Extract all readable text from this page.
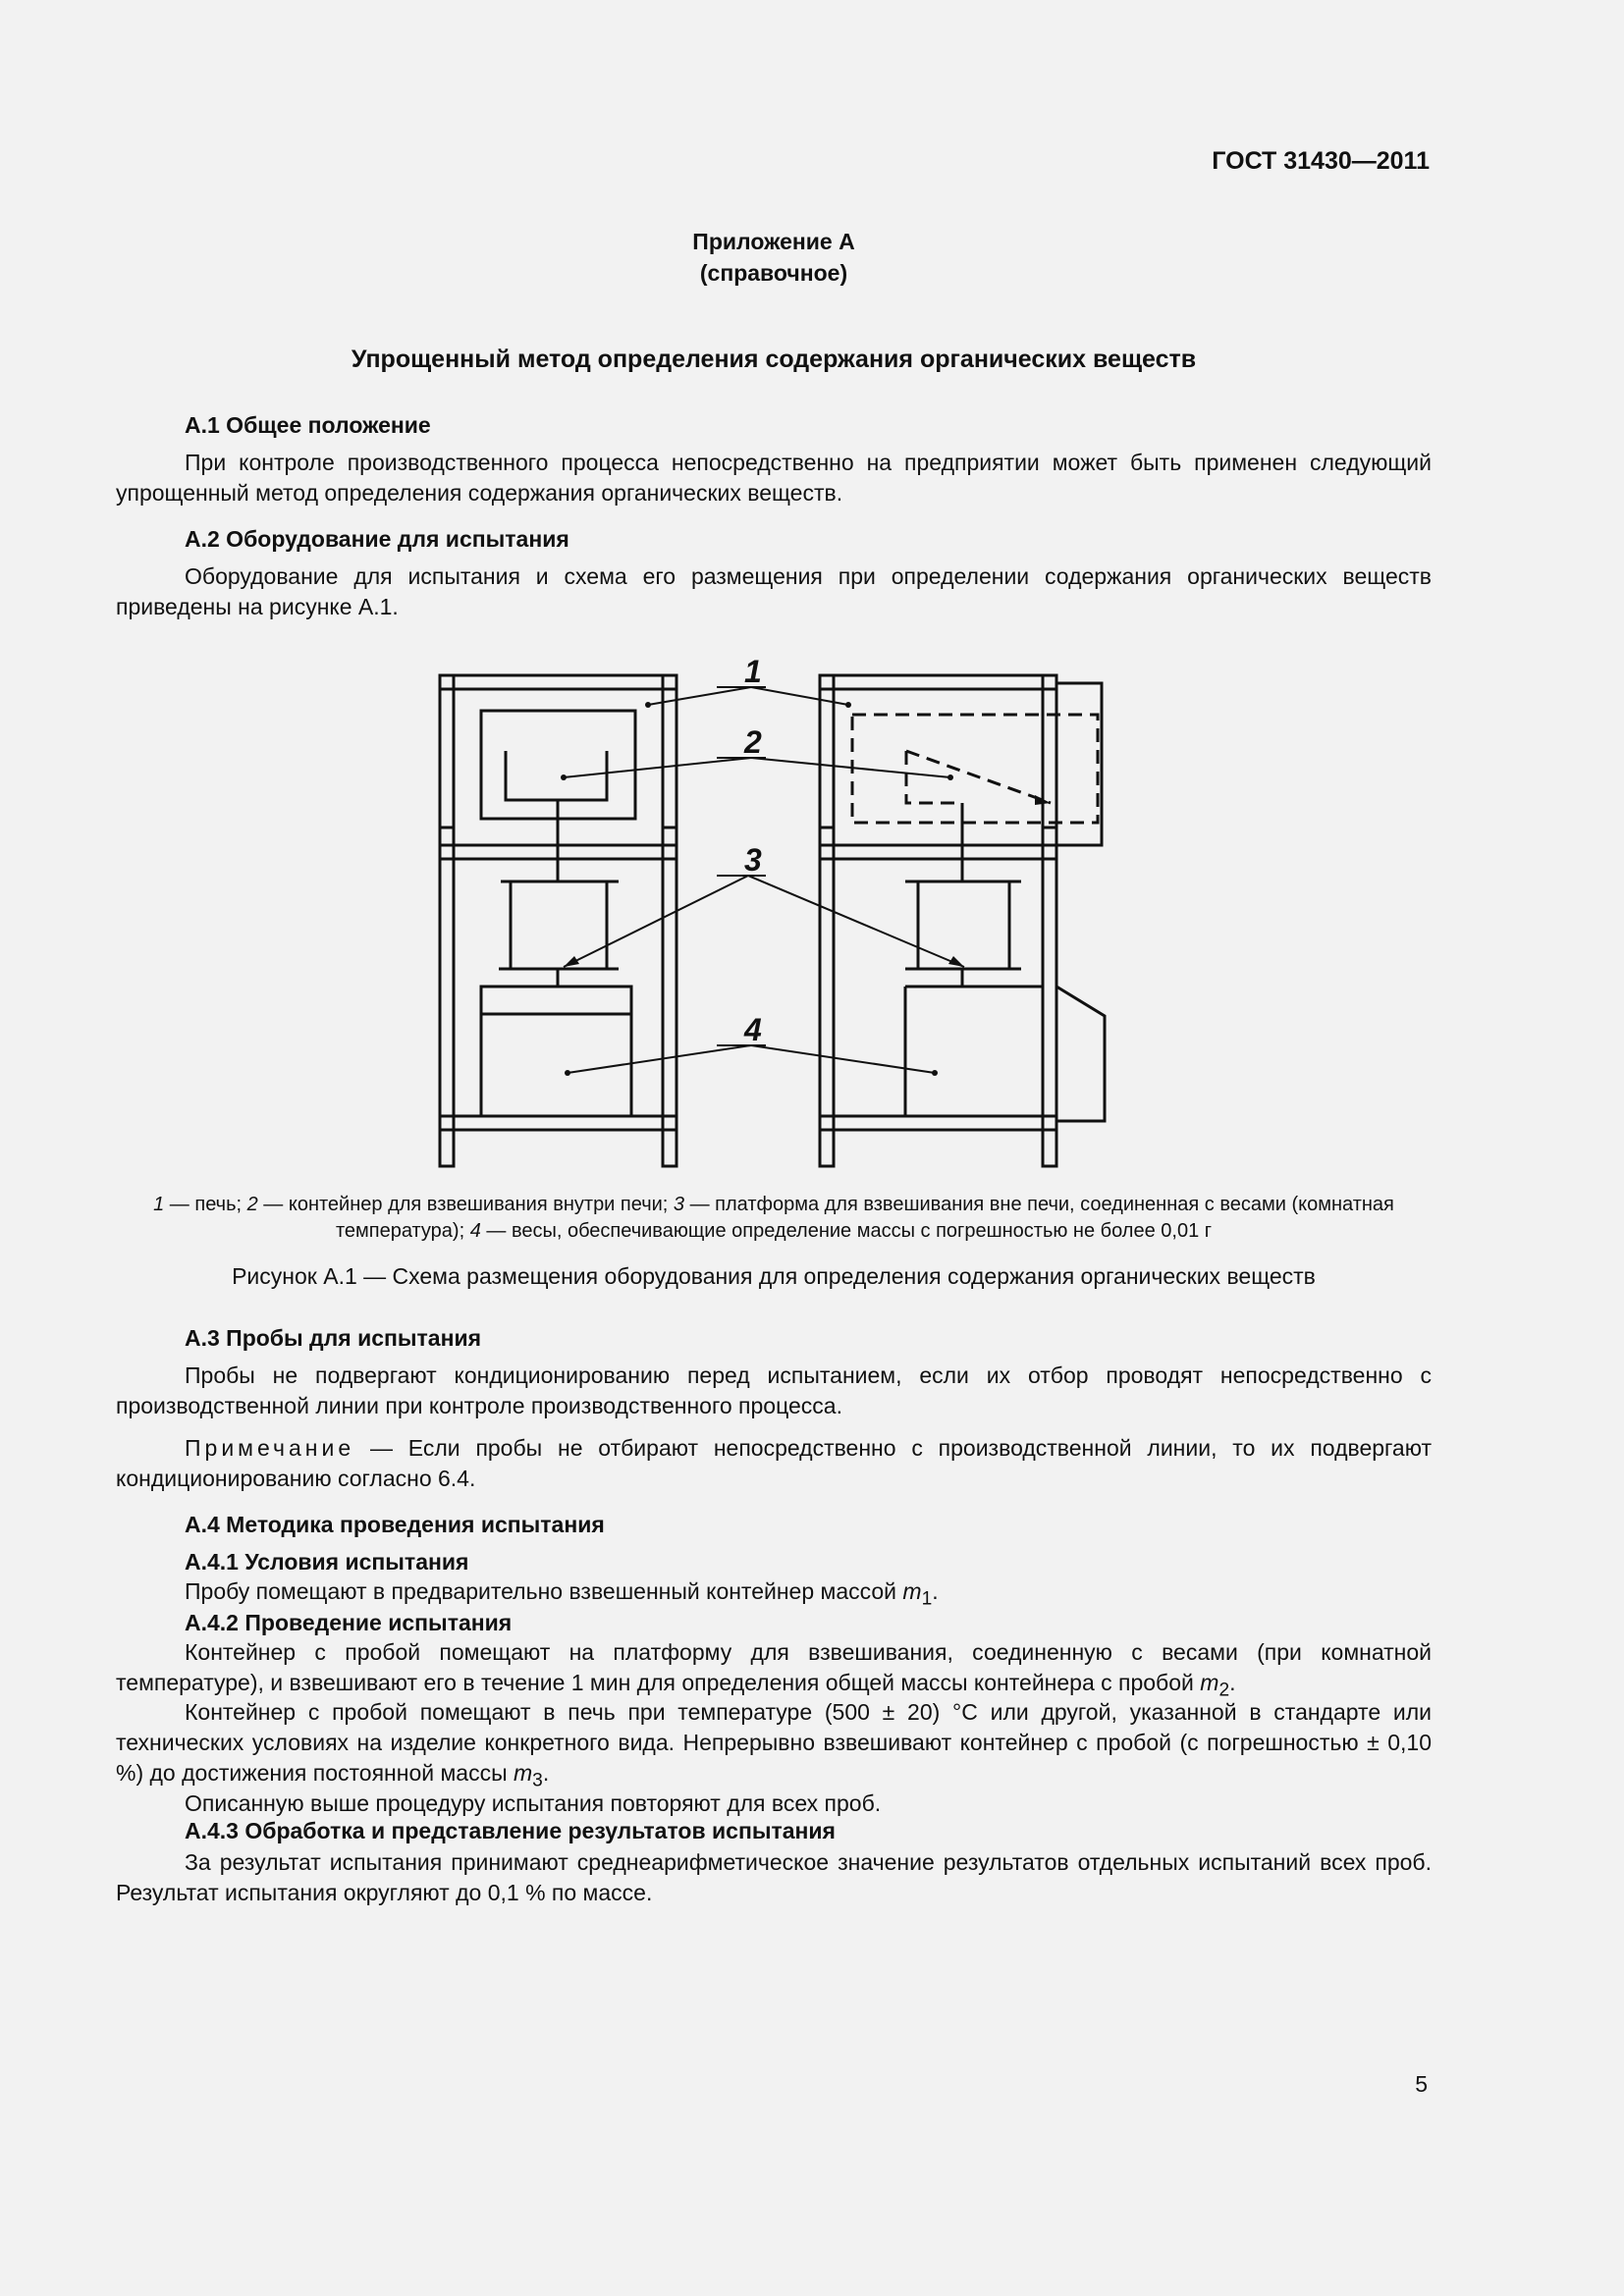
ГОСТ 31430—2011
Приложение А
(справочное)
Упрощенный метод определения содержания органических веществ
А.1 Общее положение
При контроле производственного процесса непосредственно на предприятии может быть применен следующий упрощенный метод определения содержания органических веществ.
А.2 Оборудование для испытания
Оборудование для испытания и схема его размещения при определении содержания органических веществ приведены на рисунке А.1.
1
2
3
4
1 — печь; 2 — контейнер для взвешивания внутри печи; 3 — платформа для взвешивания вне печи, соединенная с весами (комнатная температура); 4 — весы, обеспечивающие определение массы с погрешностью не более 0,01 г
Рисунок А.1 — Схема размещения оборудования для определения содержания органических веществ
А.3 Пробы для испытания
Пробы не подвергают кондиционированию перед испытанием, если их отбор проводят непосредственно с производственной линии при контроле производственного процесса.
Примечание — Если пробы не отбирают непосредственно с производственной линии, то их подвергают кондиционированию согласно 6.4.
А.4 Методика проведения испытания
А.4.1 Условия испытания
Пробу помещают в предварительно взвешенный контейнер массой $m_1$.
А.4.2 Проведение испытания
Контейнер с пробой помещают на платформу для взвешивания, соединенную с весами (при комнатной температуре), и взвешивают его в течение 1 мин для определения общей массы контейнера с пробой $m_2$.
Контейнер с пробой помещают в печь при температуре (500 ± 20) °С или другой, указанной в стандарте или технических условиях на изделие конкретного вида. Непрерывно взвешивают контейнер с пробой (с погрешностью ± 0,10 %) до достижения постоянной массы $m_3$.
Описанную выше процедуру испытания повторяют для всех проб.
А.4.3 Обработка и представление результатов испытания
За результат испытания принимают среднеарифметическое значение результатов отдельных испытаний всех проб. Результат испытания округляют до 0,1 % по массе.
5
